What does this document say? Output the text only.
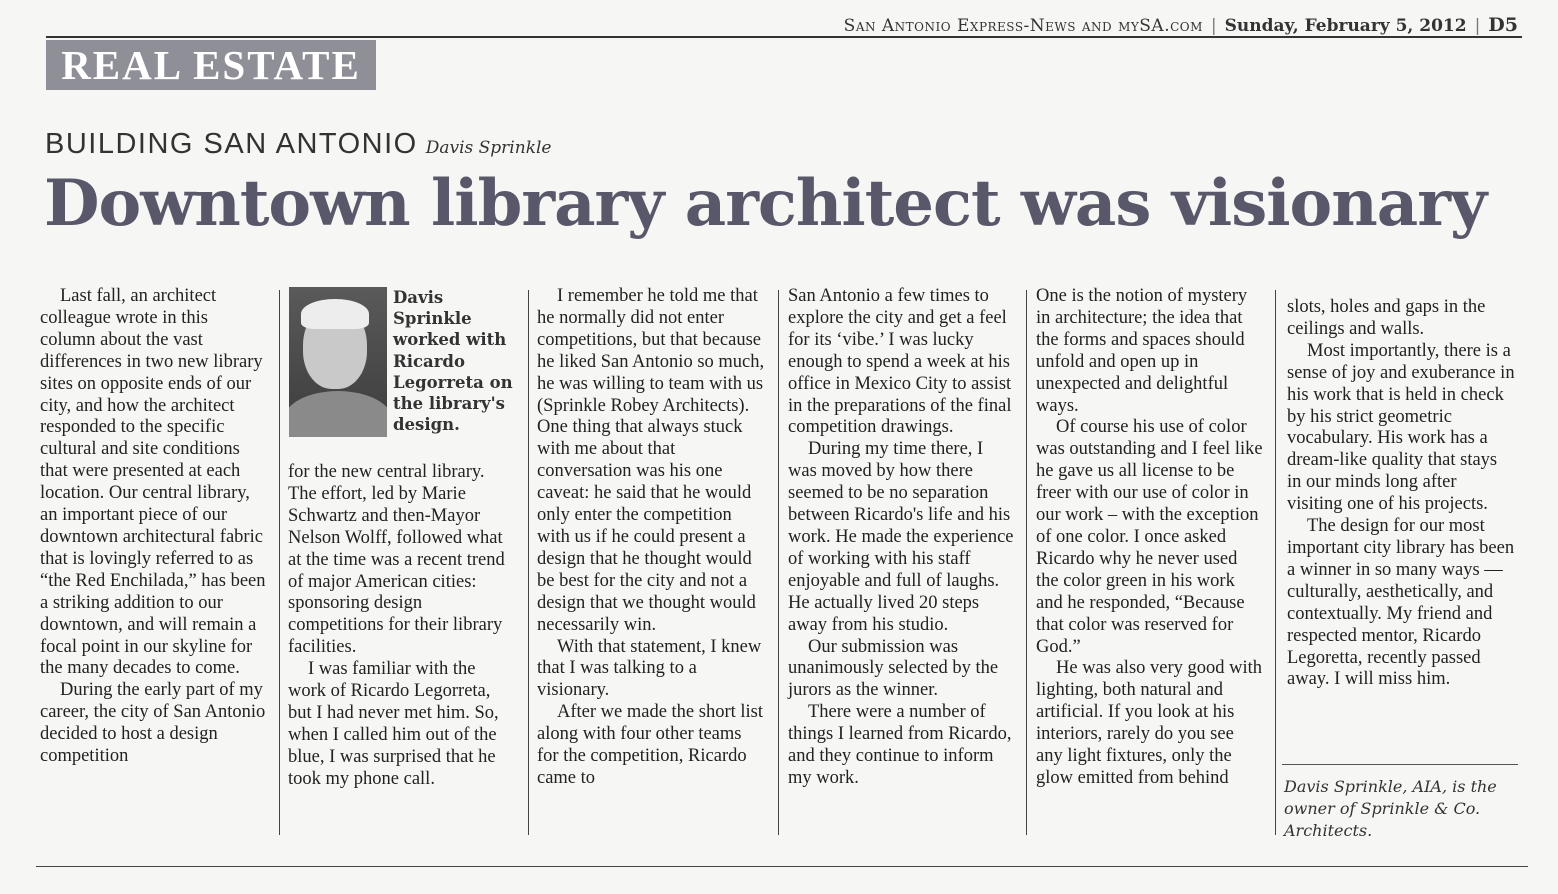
San Antonio Express-News and mySA.com | Sunday, February 5, 2012 | D5
REAL ESTATE
BUILDING SAN ANTONIO Davis Sprinkle
Downtown library architect was visionary

Last fall, an architect colleague wrote in this column about the vast differences in two new library sites on opposite ends of our city, and how the architect responded to the specific cultural and site conditions that were presented at each location. Our central library, an important piece of our downtown architectural fabric that is lovingly referred to as “the Red Enchilada,” has been a striking addition to our downtown, and will remain a focal point in our skyline for the many decades to come.

During the early part of my career, the city of San Antonio decided to host a design competition

Davis Sprinkle worked with Ricardo Legorreta on the library's design.

for the new central library. The effort, led by Marie Schwartz and then-Mayor Nelson Wolff, followed what at the time was a recent trend of major American cities: sponsoring design competitions for their library facilities.

I was familiar with the work of Ricardo Legorreta, but I had never met him. So, when I called him out of the blue, I was surprised that he took my phone call.

I remember he told me that he normally did not enter competitions, but that because he liked San Antonio so much, he was willing to team with us (Sprinkle Robey Architects). One thing that always stuck with me about that conversation was his one caveat: he said that he would only enter the competition with us if he could present a design that he thought would be best for the city and not a design that we thought would necessarily win.

With that statement, I knew that I was talking to a visionary.

After we made the short list along with four other teams for the competition, Ricardo came to

San Antonio a few times to explore the city and get a feel for its ‘vibe.’ I was lucky enough to spend a week at his office in Mexico City to assist in the preparations of the final competition drawings.

During my time there, I was moved by how there seemed to be no separation between Ricardo's life and his work. He made the experience of working with his staff enjoyable and full of laughs. He actually lived 20 steps away from his studio.

Our submission was unanimously selected by the jurors as the winner.

There were a number of things I learned from Ricardo, and they continue to inform my work.

One is the notion of mystery in architecture; the idea that the forms and spaces should unfold and open up in unexpected and delightful ways.

Of course his use of color was outstanding and I feel like he gave us all license to be freer with our use of color in our work – with the exception of one color. I once asked Ricardo why he never used the color green in his work and he responded, “Because that color was reserved for God.”

He was also very good with lighting, both natural and artificial. If you look at his interiors, rarely do you see any light fixtures, only the glow emitted from behind

slots, holes and gaps in the ceilings and walls.

Most importantly, there is a sense of joy and exuberance in his work that is held in check by his strict geometric vocabulary. His work has a dream-like quality that stays in our minds long after visiting one of his projects.

The design for our most important city library has been a winner in so many ways — culturally, aesthetically, and contextually. My friend and respected mentor, Ricardo Legoretta, recently passed away. I will miss him.

Davis Sprinkle, AIA, is the owner of Sprinkle & Co. Architects.
